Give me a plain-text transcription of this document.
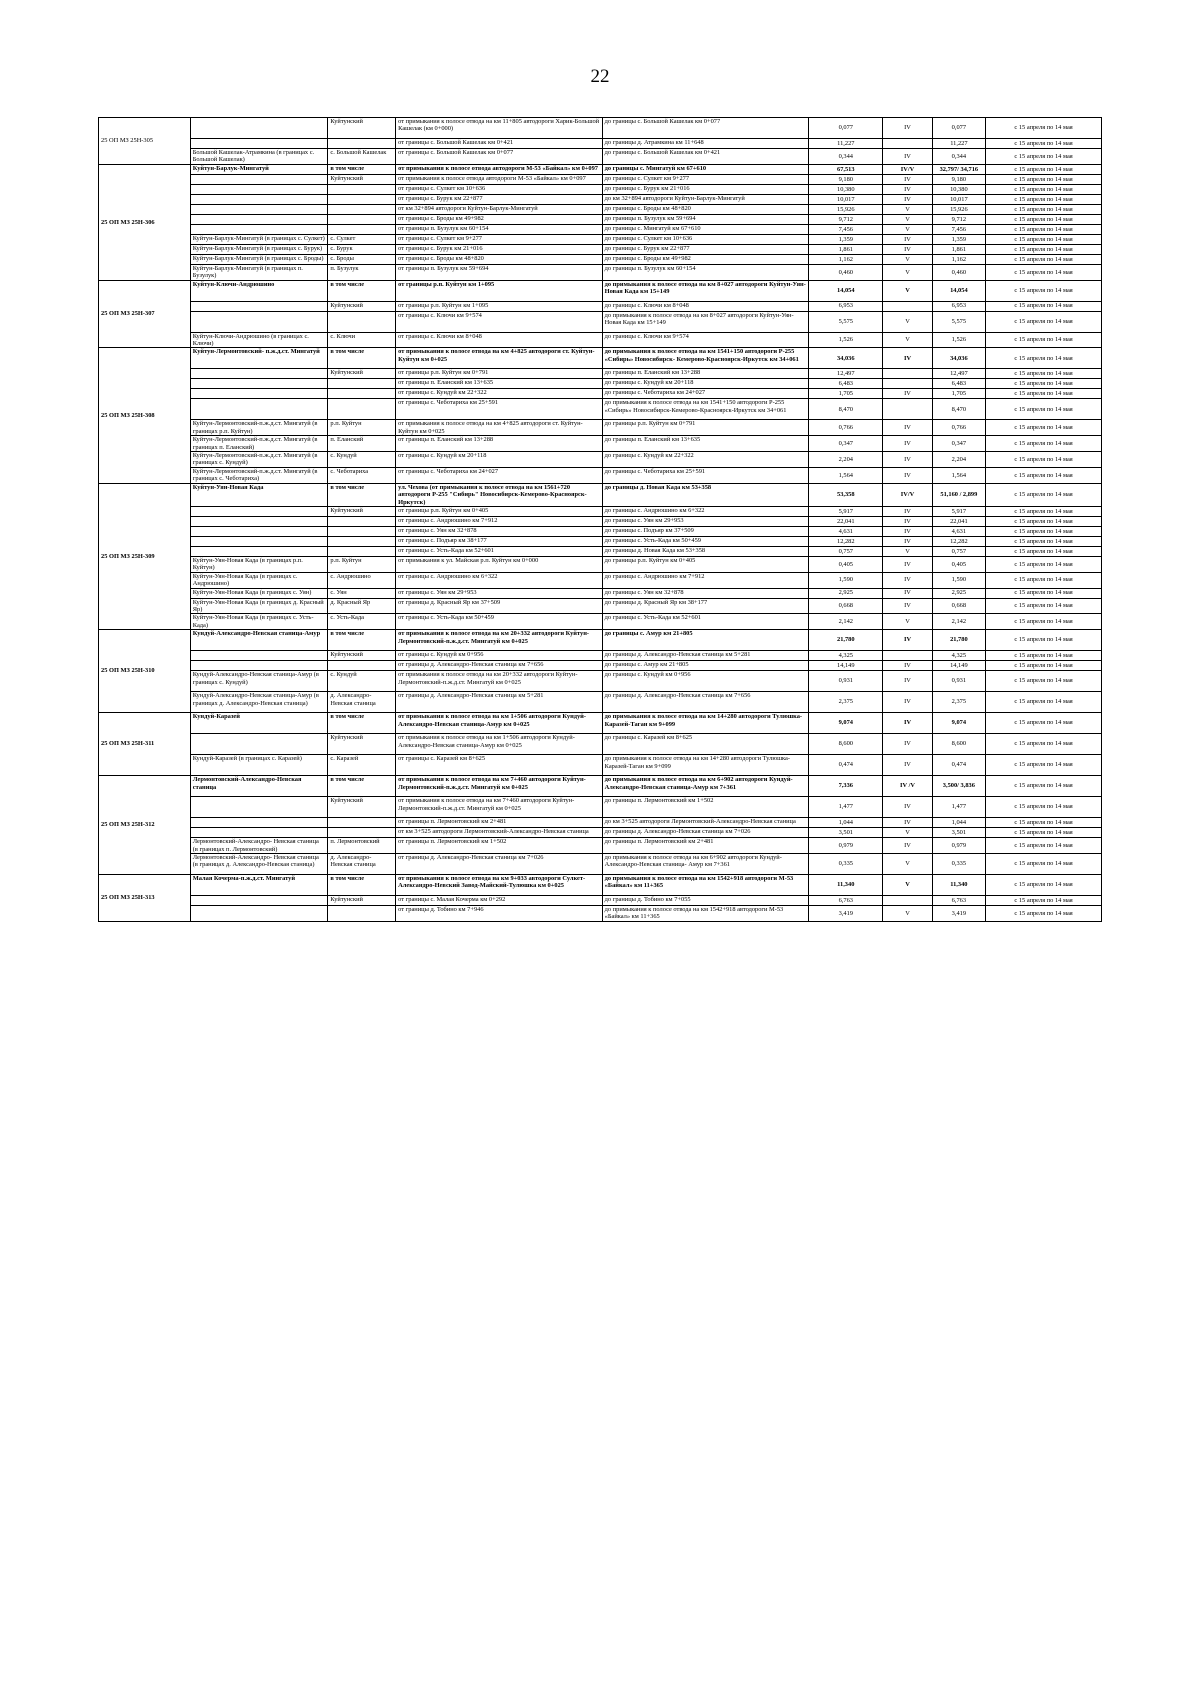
22
25 ОП МЗ 25Н-305		Куйтунский	от примыкания к полосе отвода на км 11+805 автодороги Харик-Большой Кашелак (км 0+000)	до границы с. Большой Кашелак км 0+077	0,077	IV	0,077	с 15 апреля по 14 мая
			от границы с. Большой Кашелак км 0+421	до границы д. Атрамкина км 11+648	11,227		11,227	с 15 апреля по 14 мая
	Большой Кашелак-Атрамкина (в границах с. Большой Кашелак)	с. Большой Кашелак	от границы с. Большой Кашелак км 0+077	до границы с. Большой Кашелак км 0+421	0,344	IV	0,344	с 15 апреля по 14 мая
25 ОП МЗ 25Н-306	Куйтун-Барлук-Мингатуй	в том числе	от примыкания к полосе отвода автодороги М-53 «Байкал» км 0+097	до границы с. Мингатуй км 67+610	67,513	IV/V	32,797/ 34,716	с 15 апреля по 14 мая
		Куйтунский	от примыкания к полосе отвода автодороги М-53 «Байкал» км 0+097	до границы с. Сулкет км 9+277	9,180	IV	9,180	с 15 апреля по 14 мая
			от границы с. Сулкет км 10+636	до границы с. Бурук км 21+016	10,380	IV	10,380	с 15 апреля по 14 мая
			от границы с. Бурук км 22+877	до км 32+894 автодороги Куйтун-Барлук-Мингатуй	10,017	IV	10,017	с 15 апреля по 14 мая
			от км 32+894 автодороги Куйтун-Барлук-Мингатуй	до границы с. Броды км 48+820	15,926	V	15,926	с 15 апреля по 14 мая
			от границы с. Броды км 49+982	до границы п. Бузулук км 59+694	9,712	V	9,712	с 15 апреля по 14 мая
			от границы п. Бузулук км 60+154	до границы с. Мингатуй км 67+610	7,456	V	7,456	с 15 апреля по 14 мая
	Куйтун-Барлук-Мингатуй (в границах с. Сулкет)	с. Сулкет	от границы с. Сулкет км 9+277	до границы с. Сулкет км 10+636	1,359	IV	1,359	с 15 апреля по 14 мая
	Куйтун-Барлук-Мингатуй (в границах с. Бурук)	с. Бурук	от границы с. Бурук км 21+016	до границы с. Бурук км 22+877	1,861	IV	1,861	с 15 апреля по 14 мая
	Куйтун-Барлук-Мингатуй (в границах с. Броды)	с. Броды	от границы с. Броды км 48+820	до границы с. Броды км 49+982	1,162	V	1,162	с 15 апреля по 14 мая
	Куйтун-Барлук-Мингатуй (в границах п. Бузулук)	п. Бузулук	от границы п. Бузулук км 59+694	до границы п. Бузулук км 60+154	0,460	V	0,460	с 15 апреля по 14 мая
25 ОП МЗ 25Н-307	Куйтун-Ключи-Андрюшино	в том числе	от границы р.п. Куйтун км 1+095	до примыкания к полосе отвода на км 8+027 автодороги Куйтун-Уян-Новая Када км 15+149	14,054	V	14,054	с 15 апреля по 14 мая
		Куйтунский	от границы р.п. Куйтун км 1+095	до границы с. Ключи км 8+048	6,953		6,953	с 15 апреля по 14 мая
			от границы с. Ключи км 9+574	до примыкания к полосе отвода на км 8+027 автодороги Куйтун-Уян-Новая Када км 15+149	5,575	V	5,575	с 15 апреля по 14 мая
	Куйтун-Ключи-Андрюшино (в границах с. Ключи)	с. Ключи	от границы с. Ключи км 8+048	до границы с. Ключи км 9+574	1,526	V	1,526	с 15 апреля по 14 мая
25 ОП МЗ 25Н-308	Куйтун-Лермонтовский- п.ж.д.ст. Мингатуй	в том числе	от примыкания к полосе отвода на км 4+825 автодороги ст. Куйтун-Куйтун км 0+025	до примыкания к полосе отвода на км 1541+150 автодороги Р-255 «Сибирь» Новосибирск- Кемерово-Красноярск-Иркутск км 34+061	34,036	IV	34,036	с 15 апреля по 14 мая
		Куйтунский	от границы р.п. Куйтун км 0+791	до границы п. Еланский км 13+288	12,497		12,497	с 15 апреля по 14 мая
			от границы п. Еланский км 13+635	до границы с. Кундуй км 20+118	6,483		6,483	с 15 апреля по 14 мая
			от границы с. Кундуй км 22+322	до границы с. Чеботариха км 24+027	1,705	IV	1,705	с 15 апреля по 14 мая
			от границы с. Чеботариха км 25+591	до примыкания к полосе отвода на км 1541+150 автодороги Р-255 «Сибирь» Новосибирск-Кемерово-Красноярск-Иркутск км 34+061	8,470		8,470	с 15 апреля по 14 мая
	Куйтун-Лермонтовский-п.ж.д.ст. Мингатуй (в границах р.п. Куйтун)	р.п. Куйтун	от примыкания к полосе отвода на км 4+825 автодороги ст. Куйтун-Куйтун км 0+025	до границы р.п. Куйтун км 0+791	0,766	IV	0,766	с 15 апреля по 14 мая
	Куйтун-Лермонтовский-п.ж.д.ст. Мингатуй (в границах п. Еланский)	п. Еланский	от границы п. Еланский км 13+288	до границы п. Еланский км 13+635	0,347	IV	0,347	с 15 апреля по 14 мая
	Куйтун-Лермонтовский-п.ж.д.ст. Мингатуй (в границах с. Кундуй)	с. Кундуй	от границы с. Кундуй км 20+118	до границы с. Кундуй км 22+322	2,204	IV	2,204	с 15 апреля по 14 мая
	Куйтун-Лермонтовский-п.ж.д.ст. Мингатуй (в границах с. Чеботариха)	с. Чеботариха	от границы с. Чеботариха км 24+027	до границы с. Чеботариха км 25+591	1,564	IV	1,564	с 15 апреля по 14 мая
25 ОП МЗ 25Н-309	Куйтун-Уян-Новая Када	в том числе	ул. Чехова (от примыкания к полосе отвода на км 1561+720 автодороги Р-255 "Сибирь" Новосибирск-Кемерово-Красноярск-Иркутск)	до границы д. Новая Када км 53+358	53,358	IV/V	51,160 / 2,899	с 15 апреля по 14 мая
		Куйтунский	от границы р.п. Куйтун км 0+405	до границы с. Андрюшино км 6+322	5,917	IV	5,917	с 15 апреля по 14 мая
			от границы с. Андрюшино км 7+912	до границы с. Уян км 29+953	22,041	IV	22,041	с 15 апреля по 14 мая
			от границы с. Уян км 32+878	до границы с. Подъяр км 37+509	4,631	IV	4,631	с 15 апреля по 14 мая
			от границы с. Подъяр км 38+177	до границы с. Усть-Када км 50+459	12,282	IV	12,282	с 15 апреля по 14 мая
			от границы с. Усть-Када км 52+601	до границы д. Новая Када км 53+358	0,757	V	0,757	с 15 апреля по 14 мая
	Куйтун-Уян-Новая Када (в границах р.п. Куйтун)	р.п. Куйтун	от примыкания к ул. Майская р.п. Куйтун км 0+000	до границы р.п. Куйтун км 0+405	0,405	IV	0,405	с 15 апреля по 14 мая
	Куйтун-Уян-Новая Када (в границах с. Андрюшино)	с. Андрюшино	от границы с. Андрюшино км 6+322	до границы с. Андрюшино км 7+912	1,590	IV	1,590	с 15 апреля по 14 мая
	Куйтун-Уян-Новая Када (в границах с. Уян)	с. Уян	от границы с. Уян км 29+953	до границы с. Уян км 32+878	2,925	IV	2,925	с 15 апреля по 14 мая
	Куйтун-Уян-Новая Када (в границах д. Красный Яр)	д. Красный Яр	от границы д. Красный Яр км 37+509	до границы д. Красный Яр км 38+177	0,668	IV	0,668	с 15 апреля по 14 мая
	Куйтун-Уян-Новая Када (в границах с. Усть-Када)	с. Усть-Када	от границы с. Усть-Када км 50+459	до границы с. Усть-Када км 52+601	2,142	V	2,142	с 15 апреля по 14 мая
25 ОП МЗ 25Н-310	Кундуй-Александро-Невская станица-Амур	в том числе	от примыкания к полосе отвода на км 20+332 автодороги Куйтун-Лермонтовский-п.ж.д.ст. Мингатуй км 0+025	до границы с. Амур км 21+805	21,780	IV	21,780	с 15 апреля по 14 мая
		Куйтунский	от границы с. Кундуй км 0+956	до границы д. Александро-Невская станица км 5+281	4,325		4,325	с 15 апреля по 14 мая
			от границы д. Александро-Невская станица км 7+656	до границы с. Амур км 21+805	14,149	IV	14,149	с 15 апреля по 14 мая
	Кундуй-Александро-Невская станица-Амур (в границах с. Кундуй)	с. Кундуй	от примыкания к полосе отвода на км 20+332 автодороги Куйтун-Лермонтовский-п.ж.д.ст. Мингатуй км 0+025	до границы с. Кундуй км 0+956	0,931	IV	0,931	с 15 апреля по 14 мая
	Кундуй-Александро-Невская станица-Амур (в границах д. Александро-Невская станица)	д. Александро-Невская станица	от границы д. Александро-Невская станица км 5+281	до границы д. Александро-Невская станица км 7+656	2,375	IV	2,375	с 15 апреля по 14 мая
25 ОП МЗ 25Н-311	Кундуй-Каразей	в том числе	от примыкания к полосе отвода на км 1+506 автодороги Кундуй-Александро-Невская станица-Амур км 0+025	до примыкания к полосе отвода на км 14+280 автодороги Тулюшка-Каразей-Таган км 9+099	9,074	IV	9,074	с 15 апреля по 14 мая
		Куйтунский	от примыкания к полосе отвода на км 1+506 автодороги Кундуй-Александро-Невская станица-Амур км 0+025	до границы с. Каразей км 8+625	8,600	IV	8,600	с 15 апреля по 14 мая
	Кундуй-Каразей (в границах с. Каразей)	с. Каразей	от границы с. Каразей км 8+625	до примыкания к полосе отвода на км 14+280 автодороги Тулюшка-Каразей-Таган км 9+099	0,474	IV	0,474	с 15 апреля по 14 мая
25 ОП МЗ 25Н-312	Лермонтовский-Александро-Невская станица	в том числе	от примыкания к полосе отвода на км 7+460 автодороги Куйтун-Лермонтовский-п.ж.д.ст. Мингатуй км 0+025	до примыкания к полосе отвода на км 6+902 автодороги Кундуй-Александро-Невская станица-Амур км 7+361	7,336	IV /V	3,500/ 3,836	с 15 апреля по 14 мая
		Куйтунский	от примыкания к полосе отвода на км 7+460 автодороги Куйтун-Лермонтовский-п.ж.д.ст. Мингатуй км 0+025	до границы п. Лермонтовский км 1+502	1,477	IV	1,477	с 15 апреля по 14 мая
			от границы п. Лермонтовский км 2+481	до км 3+525 автодороги Лермонтовский-Александро-Невская станица	1,044	IV	1,044	с 15 апреля по 14 мая
			от км 3+525 автодороги Лермонтовский-Александро-Невская станица	до границы д. Александро-Невская станица км 7+026	3,501	V	3,501	с 15 апреля по 14 мая
	Лермонтовский-Александро- Невская станица (в границах п. Лермонтовский)	п. Лермонтовский	от границы п. Лермонтовский км 1+502	до границы п. Лермонтовский км 2+481	0,979	IV	0,979	с 15 апреля по 14 мая
	Лермонтовский-Александро- Невская станица (в границах д. Александро-Невская станица)	д. Александро-Невская станица	от границы д. Александро-Невская станица км 7+026	до примыкания к полосе отвода на км 6+902 автодороги Кундуй-Александро-Невская станица- Амур км 7+361	0,335	V	0,335	с 15 апреля по 14 мая
25 ОП МЗ 25Н-313	Малая Кочерма-п.ж.д.ст. Мингатуй	в том числе	от примыкания к полосе отвода на км 9+033 автодороги Сулкет-Александро-Невский Завод-Майский-Тулюшка км 0+025	до примыкания к полосе отвода на км 1542+918 автодороги М-53 «Байкал» км 11+365	11,340	V	11,340	с 15 апреля по 14 мая
		Куйтунский	от границы с. Малая Кочерма км 0+292	до границы д. Тобино км 7+055	6,763		6,763	с 15 апреля по 14 мая
			от границы д. Тобино км 7+946	до примыкания к полосе отвода на км 1542+918 автодороги М-53 «Байкал» км 11+365	3,419	V	3,419	с 15 апреля по 14 мая
